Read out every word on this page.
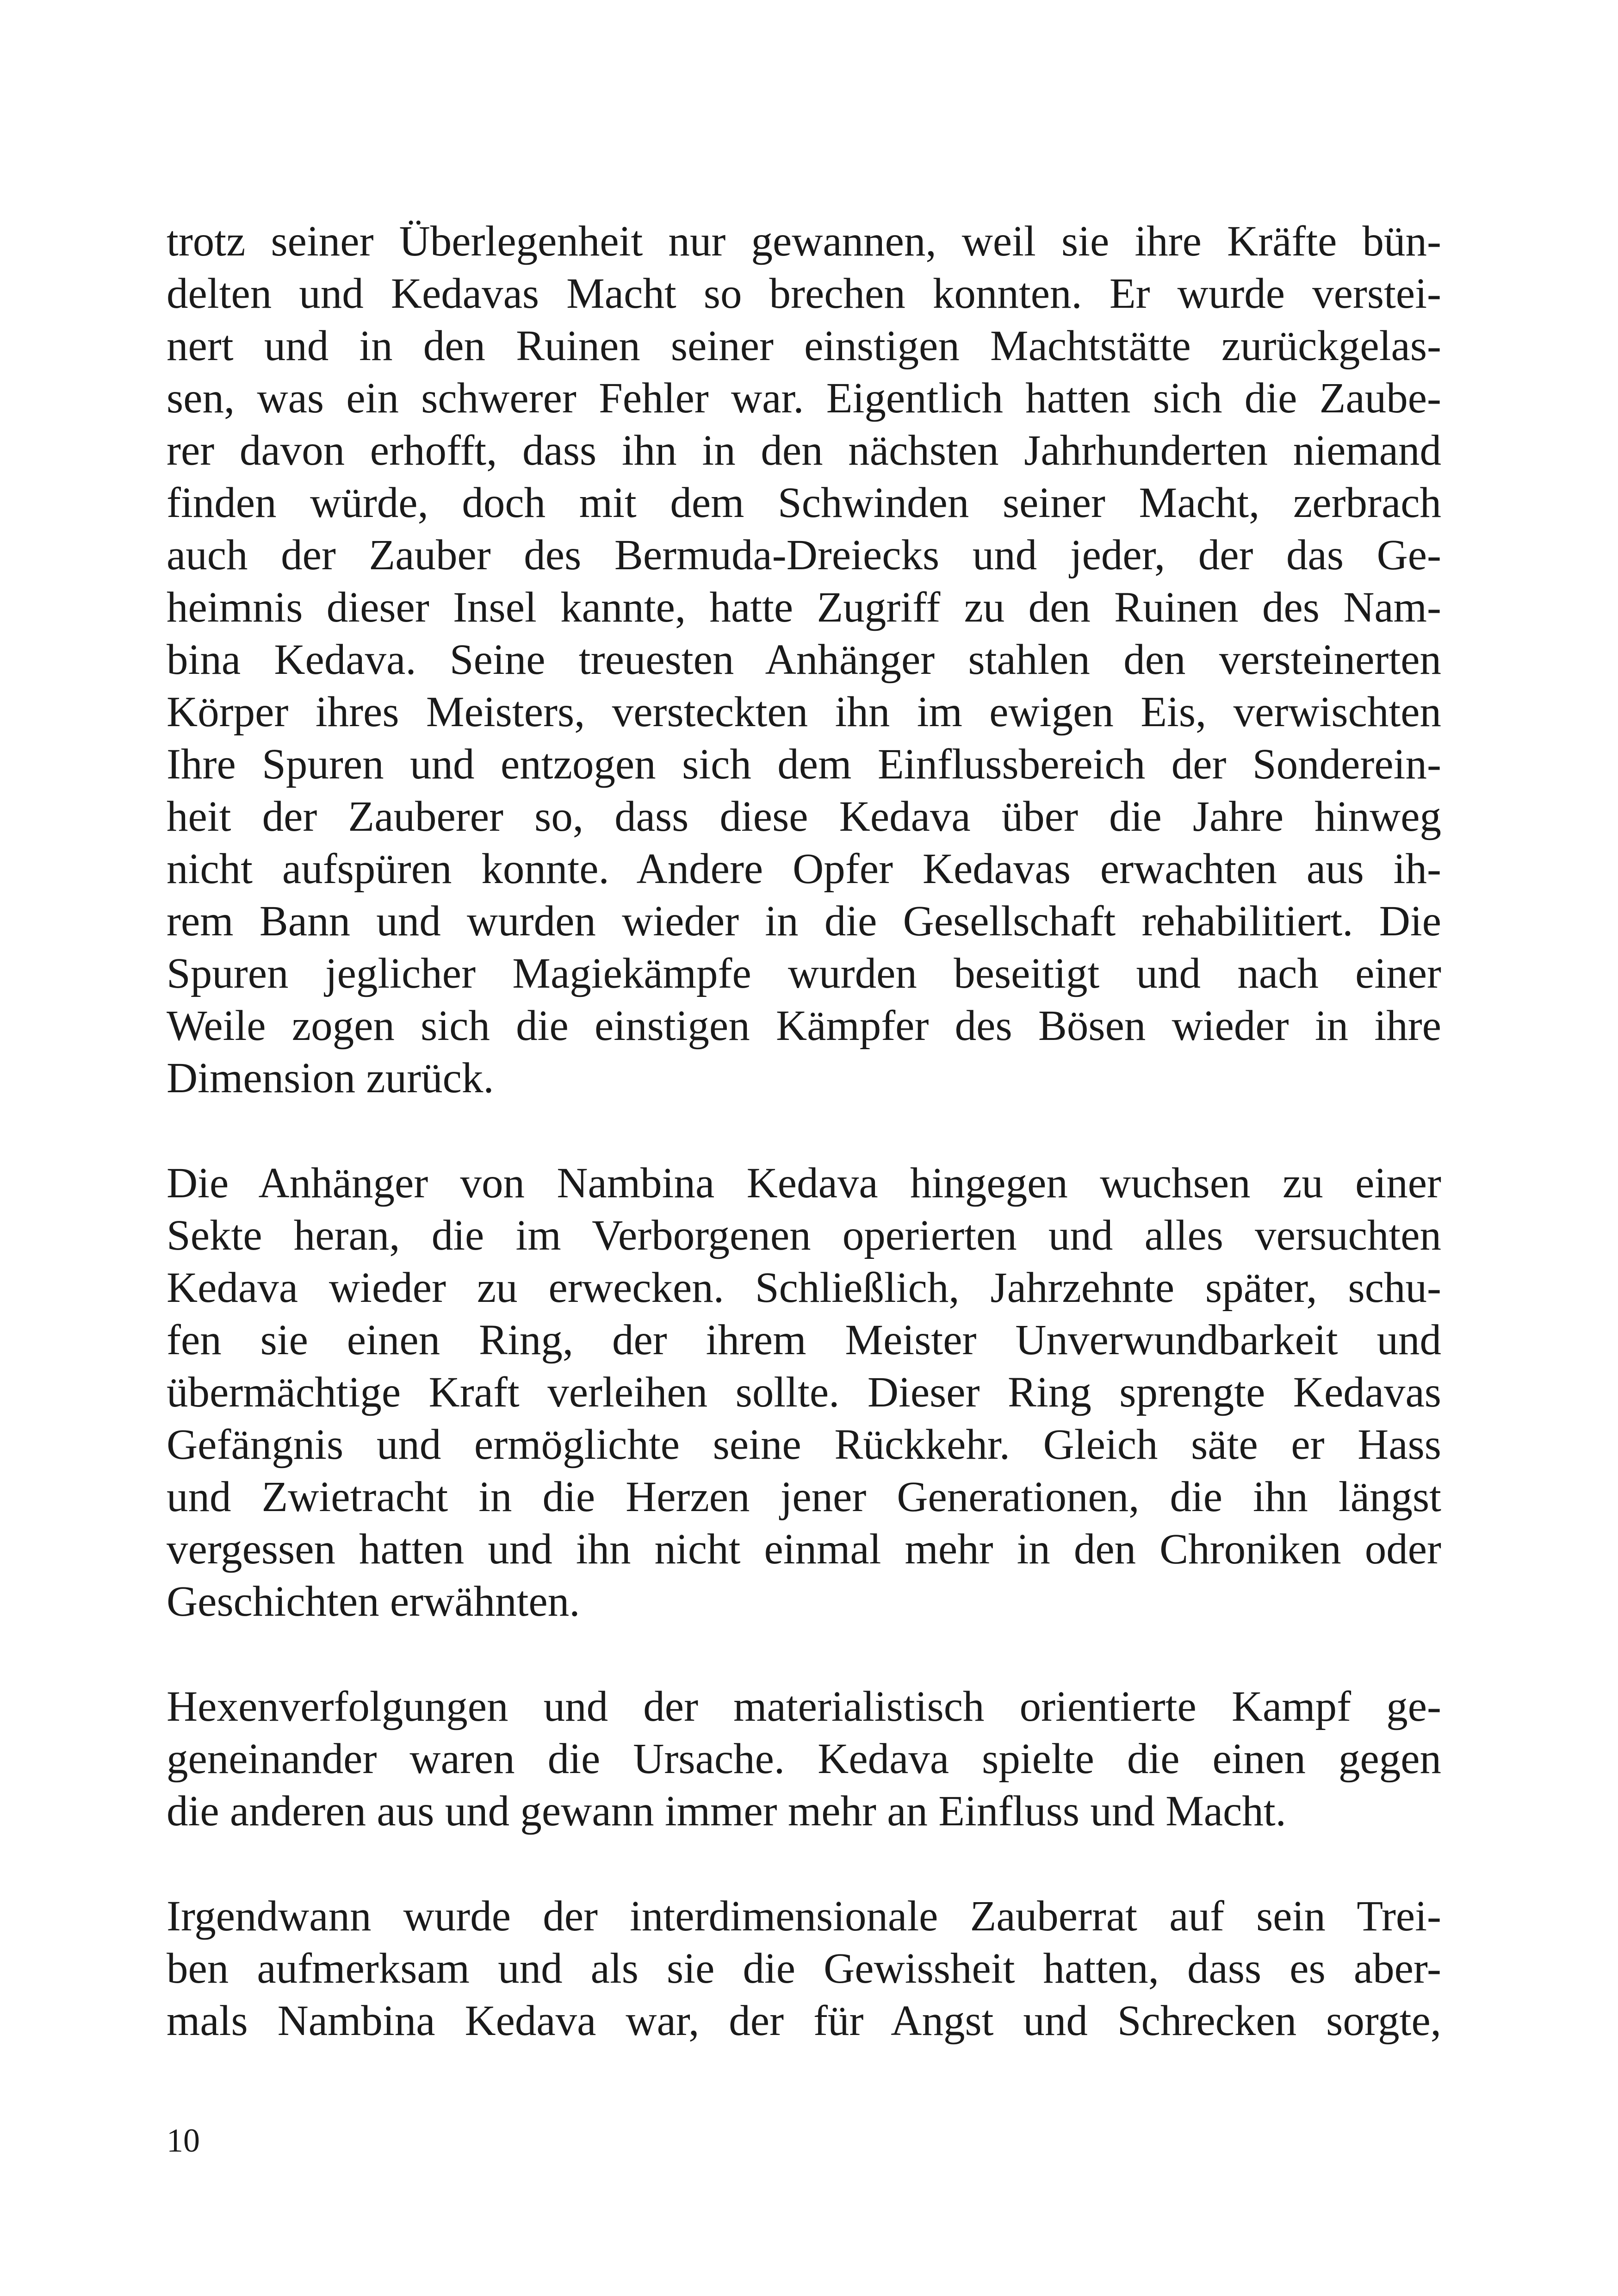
trotz seiner Überlegenheit nur gewannen, weil sie ihre Kräfte bün-
delten und Kedavas Macht so brechen konnten. Er wurde verstei-
nert und in den Ruinen seiner einstigen Machtstätte zurückgelas-
sen, was ein schwerer Fehler war. Eigentlich hatten sich die Zaube-
rer davon erhofft, dass ihn in den nächsten Jahrhunderten niemand
finden würde, doch mit dem Schwinden seiner Macht, zerbrach
auch der Zauber des Bermuda-Dreiecks und jeder, der das Ge-
heimnis dieser Insel kannte, hatte Zugriff zu den Ruinen des Nam-
bina Kedava. Seine treuesten Anhänger stahlen den versteinerten
Körper ihres Meisters, versteckten ihn im ewigen Eis, verwischten
Ihre Spuren und entzogen sich dem Einflussbereich der Sonderein-
heit der Zauberer so, dass diese Kedava über die Jahre hinweg
nicht aufspüren konnte. Andere Opfer Kedavas erwachten aus ih-
rem Bann und wurden wieder in die Gesellschaft rehabilitiert. Die
Spuren jeglicher Magiekämpfe wurden beseitigt und nach einer
Weile zogen sich die einstigen Kämpfer des Bösen wieder in ihre
Dimension zurück.

Die Anhänger von Nambina Kedava hingegen wuchsen zu einer
Sekte heran, die im Verborgenen operierten und alles versuchten
Kedava wieder zu erwecken. Schließlich, Jahrzehnte später, schu-
fen sie einen Ring, der ihrem Meister Unverwundbarkeit und
übermächtige Kraft verleihen sollte. Dieser Ring sprengte Kedavas
Gefängnis und ermöglichte seine Rückkehr. Gleich säte er Hass
und Zwietracht in die Herzen jener Generationen, die ihn längst
vergessen hatten und ihn nicht einmal mehr in den Chroniken oder
Geschichten erwähnten.

Hexenverfolgungen und der materialistisch orientierte Kampf ge-
geneinander waren die Ursache. Kedava spielte die einen gegen
die anderen aus und gewann immer mehr an Einfluss und Macht.

Irgendwann wurde der interdimensionale Zauberrat auf sein Trei-
ben aufmerksam und als sie die Gewissheit hatten, dass es aber-
mals Nambina Kedava war, der für Angst und Schrecken sorgte,

10
